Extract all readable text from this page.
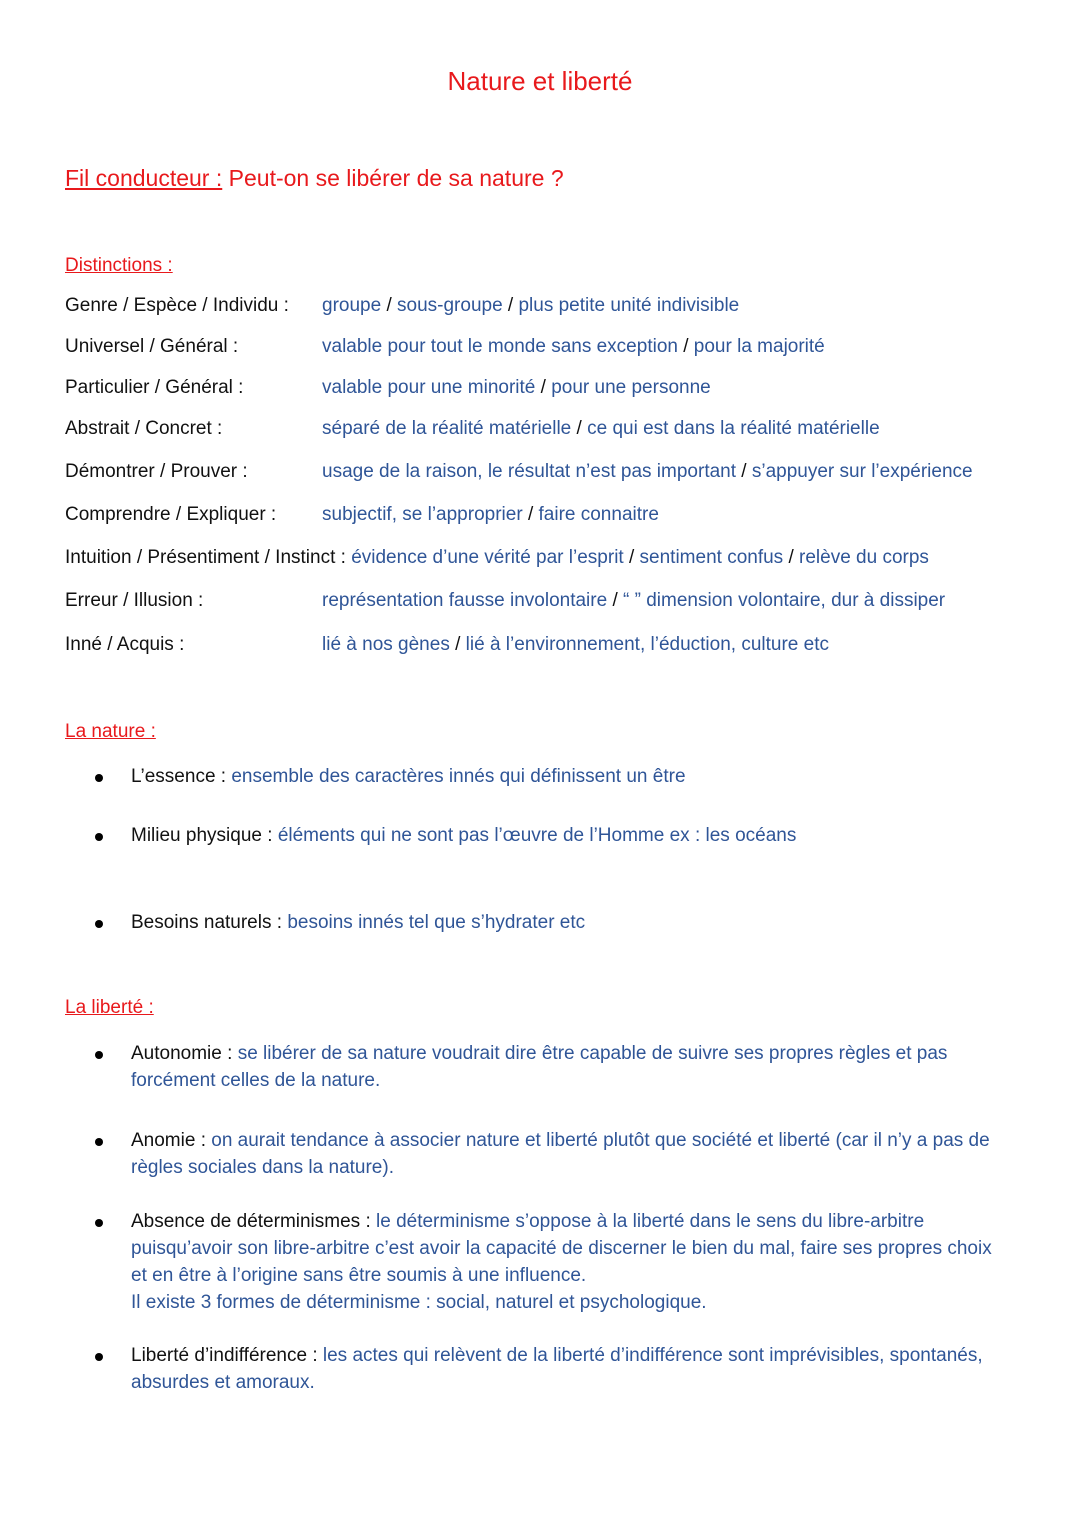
Nature et liberté
Fil conducteur : Peut-on se libérer de sa nature ?
Distinctions :
Genre / Espèce / Individu : groupe / sous-groupe / plus petite unité indivisible
Universel / Général :	valable pour tout le monde sans exception / pour la majorité
Particulier / Général :	valable pour une minorité / pour une personne
Abstrait / Concret :	séparé de la réalité matérielle / ce qui est dans la réalité matérielle
Démontrer / Prouver :	usage de la raison, le résultat n’est pas important / s’appuyer sur l’expérience
Comprendre / Expliquer : subjectif, se l’approprier / faire connaitre
Intuition / Présentiment / Instinct : évidence d’une vérité par l’esprit / sentiment confus / relève du corps
Erreur / Illusion :	représentation fausse involontaire / “ ” dimension volontaire, dur à dissiper
Inné / Acquis :	lié à nos gènes / lié à l’environnement, l’éduction, culture etc
La nature :
L’essence : ensemble des caractères innés qui définissent un être
Milieu physique : éléments qui ne sont pas l’œuvre de l’Homme ex : les océans
Besoins naturels : besoins innés tel que s’hydrater etc
La liberté :
Autonomie : se libérer de sa nature voudrait dire être capable de suivre ses propres règles et pas forcément celles de la nature.
Anomie : on aurait tendance à associer nature et liberté plutôt que société et liberté (car il n’y a pas de règles sociales dans la nature).
Absence de déterminismes : le déterminisme s’oppose à la liberté dans le sens du libre-arbitre puisqu’avoir son libre-arbitre c’est avoir la capacité de discerner le bien du mal, faire ses propres choix et en être à l’origine sans être soumis à une influence.
Il existe 3 formes de déterminisme : social, naturel et psychologique.
Liberté d’indifférence : les actes qui relèvent de la liberté d’indifférence sont imprévisibles, spontanés, absurdes et amoraux.
